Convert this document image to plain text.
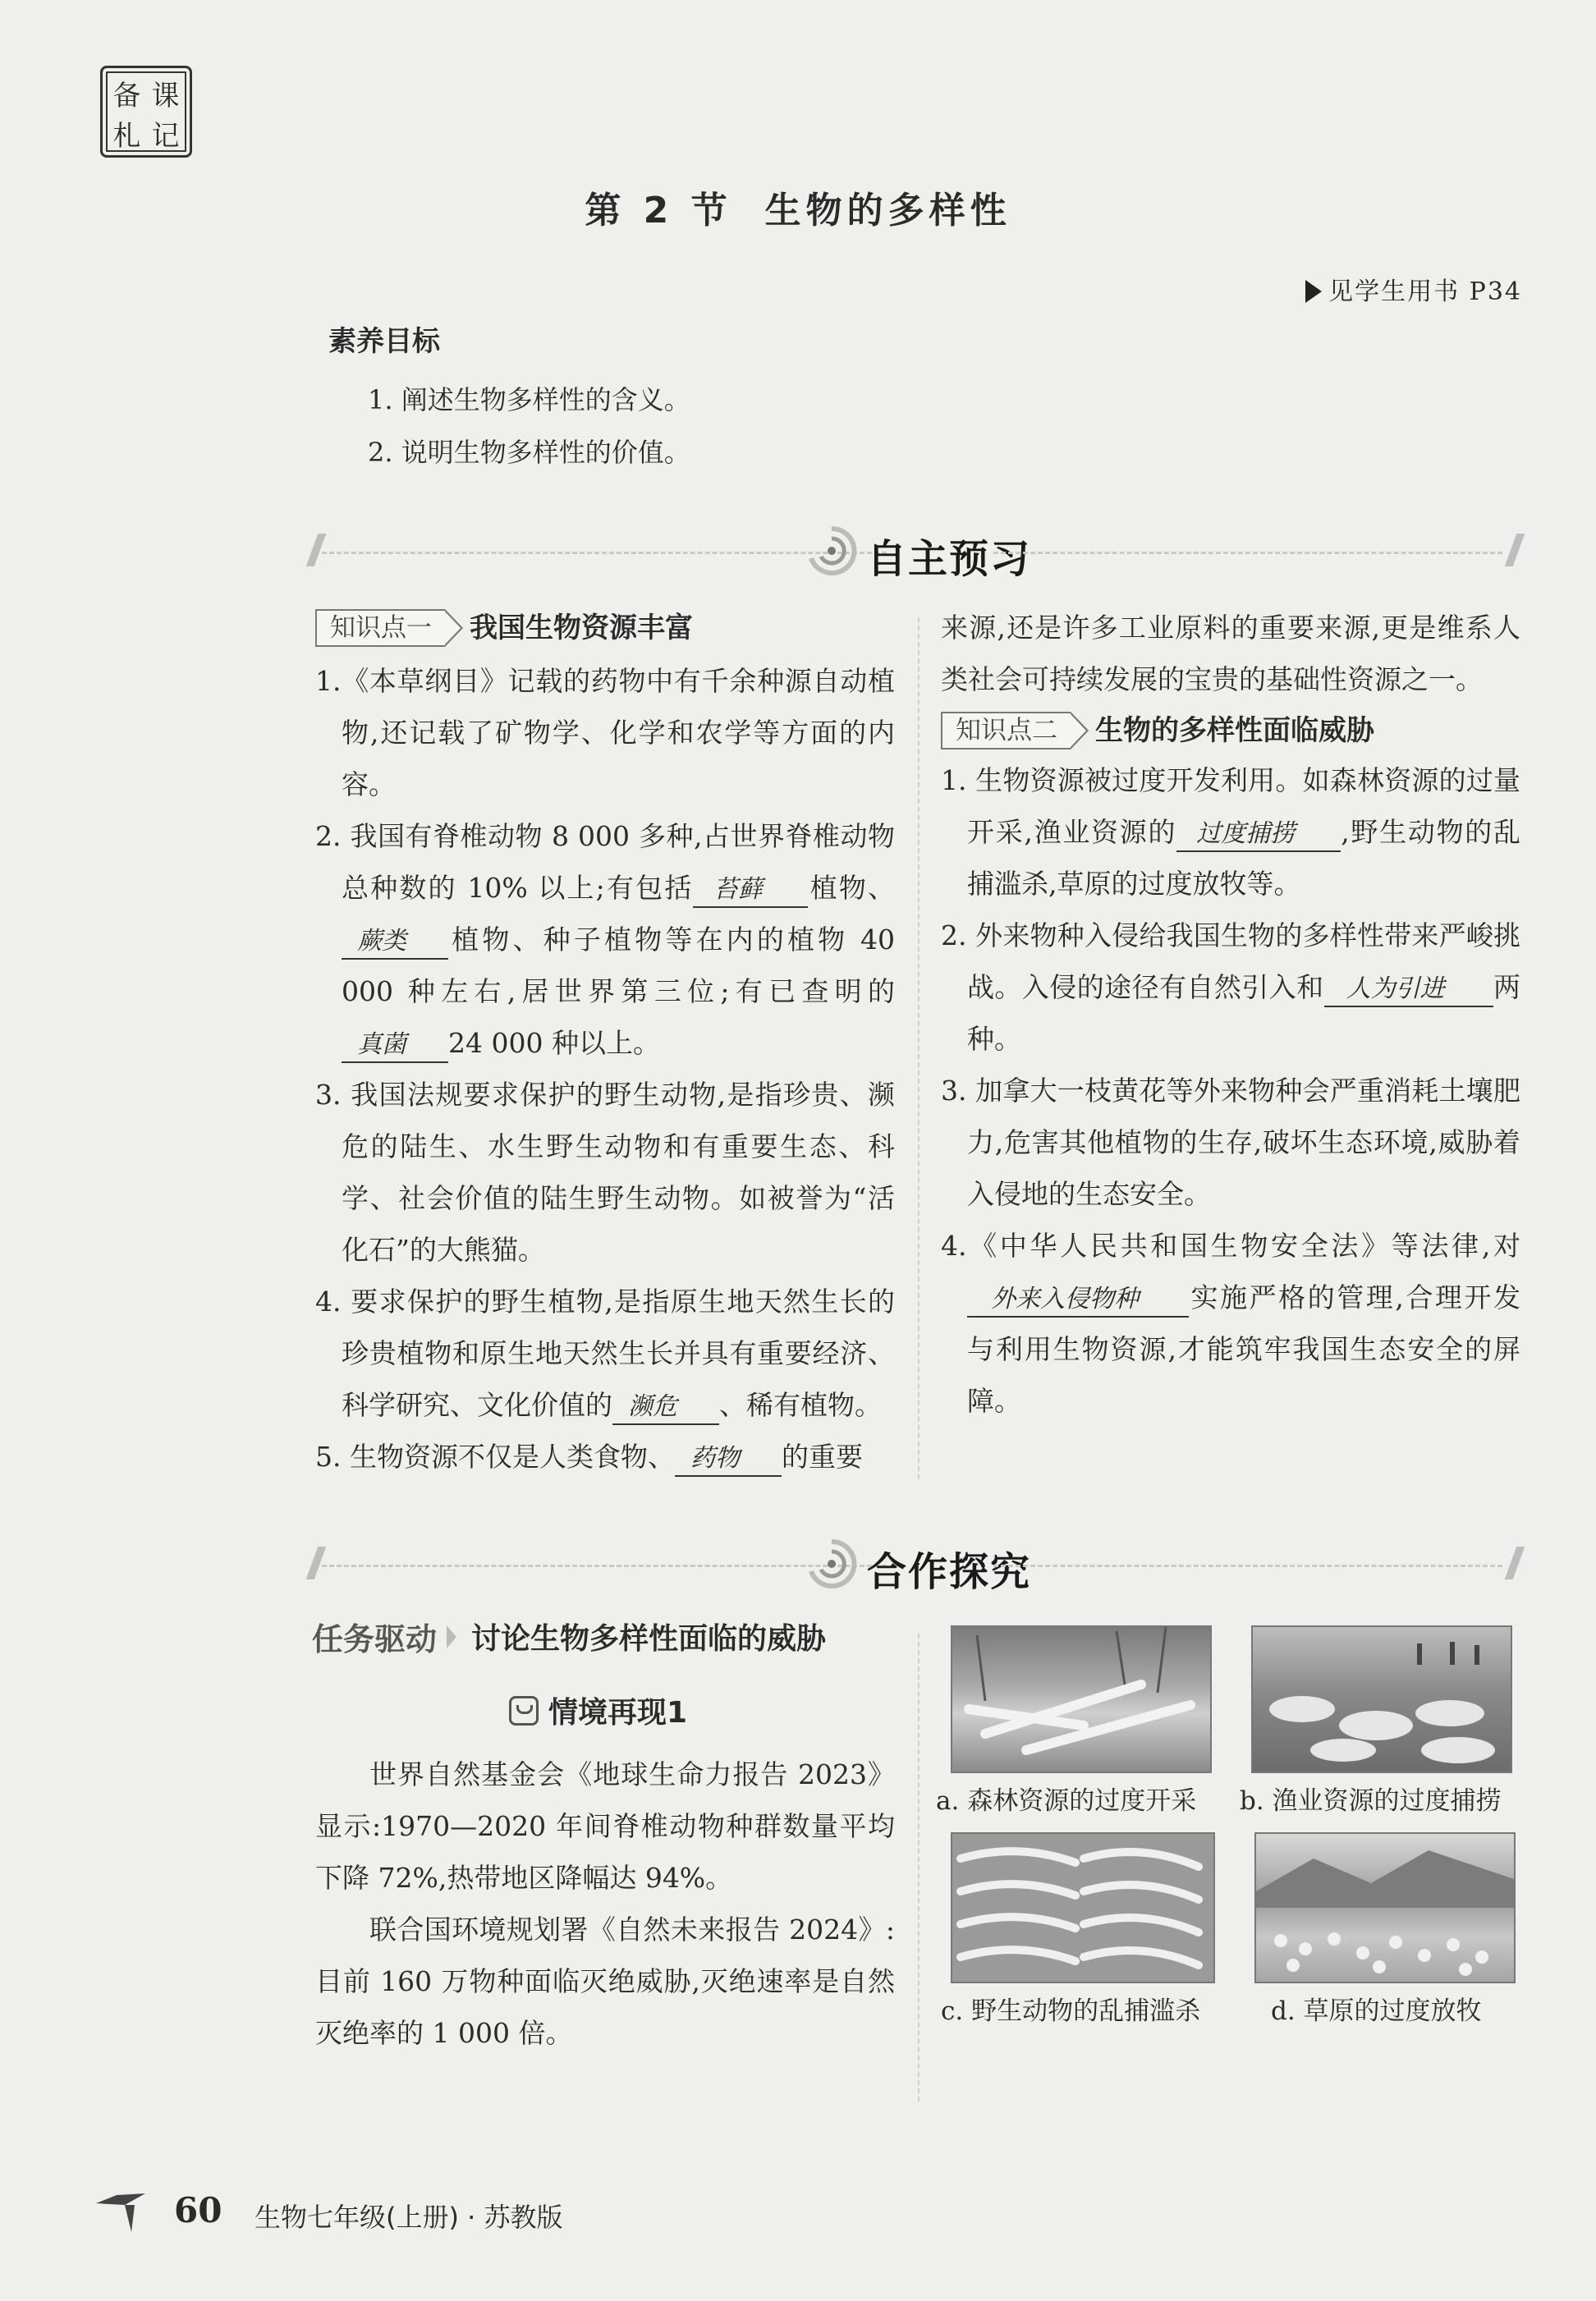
备 课
札 记
第 2 节 生物的多样性
见学生用书 P34
素养目标
1. 阐述生物多样性的含义。
2. 说明生物多样性的价值。
自主预习
知识点一	我国生物资源丰富

1.《本草纲目》记载的药物中有千余种源自动植物,还记载了矿物学、化学和农学等方面的内容。

2. 我国有脊椎动物 8 000 多种,占世界脊椎动物总种数的 10% 以上;有包括 苔藓 植物、蕨类 植物、种子植物等在内的植物 40 000 种左右,居世界第三位;有已查明的真菌 24 000 种以上。

3. 我国法规要求保护的野生动物,是指珍贵、濒危的陆生、水生野生动物和有重要生态、科学、社会价值的陆生野生动物。如被誉为“活化石”的大熊猫。

4. 要求保护的野生植物,是指原生地天然生长的珍贵植物和原生地天然生长并具有重要经济、科学研究、文化价值的 濒危 、稀有植物。

5. 生物资源不仅是人类食物、 药物 的重要

来源,还是许多工业原料的重要来源,更是维系人类社会可持续发展的宝贵的基础性资源之一。

知识点二	生物的多样性面临威胁

1. 生物资源被过度开发利用。如森林资源的过量开采,渔业资源的 过度捕捞 ,野生动物的乱捕滥杀,草原的过度放牧等。

2. 外来物种入侵给我国生物的多样性带来严峻挑战。入侵的途径有自然引入和 人为引进 两种。

3. 加拿大一枝黄花等外来物种会严重消耗土壤肥力,危害其他植物的生存,破坏生态环境,威胁着入侵地的生态安全。

4.《中华人民共和国生物安全法》等法律,对外来入侵物种 实施严格的管理,合理开发与利用生物资源,才能筑牢我国生态安全的屏障。

合作探究
任务驱动 讨论生物多样性面临的威胁
情境再现1

世界自然基金会《地球生命力报告 2023》显示:1970—2020 年间脊椎动物种群数量平均下降 72%,热带地区降幅达 94%。

联合国环境规划署《自然未来报告 2024》:目前 160 万物种面临灭绝威胁,灭绝速率是自然灭绝率的 1 000 倍。

a. 森林资源的过度开采 b. 渔业资源的过度捕捞
c. 野生动物的乱捕滥杀	d. 草原的过度放牧
60 生物七年级(上册) · 苏教版
